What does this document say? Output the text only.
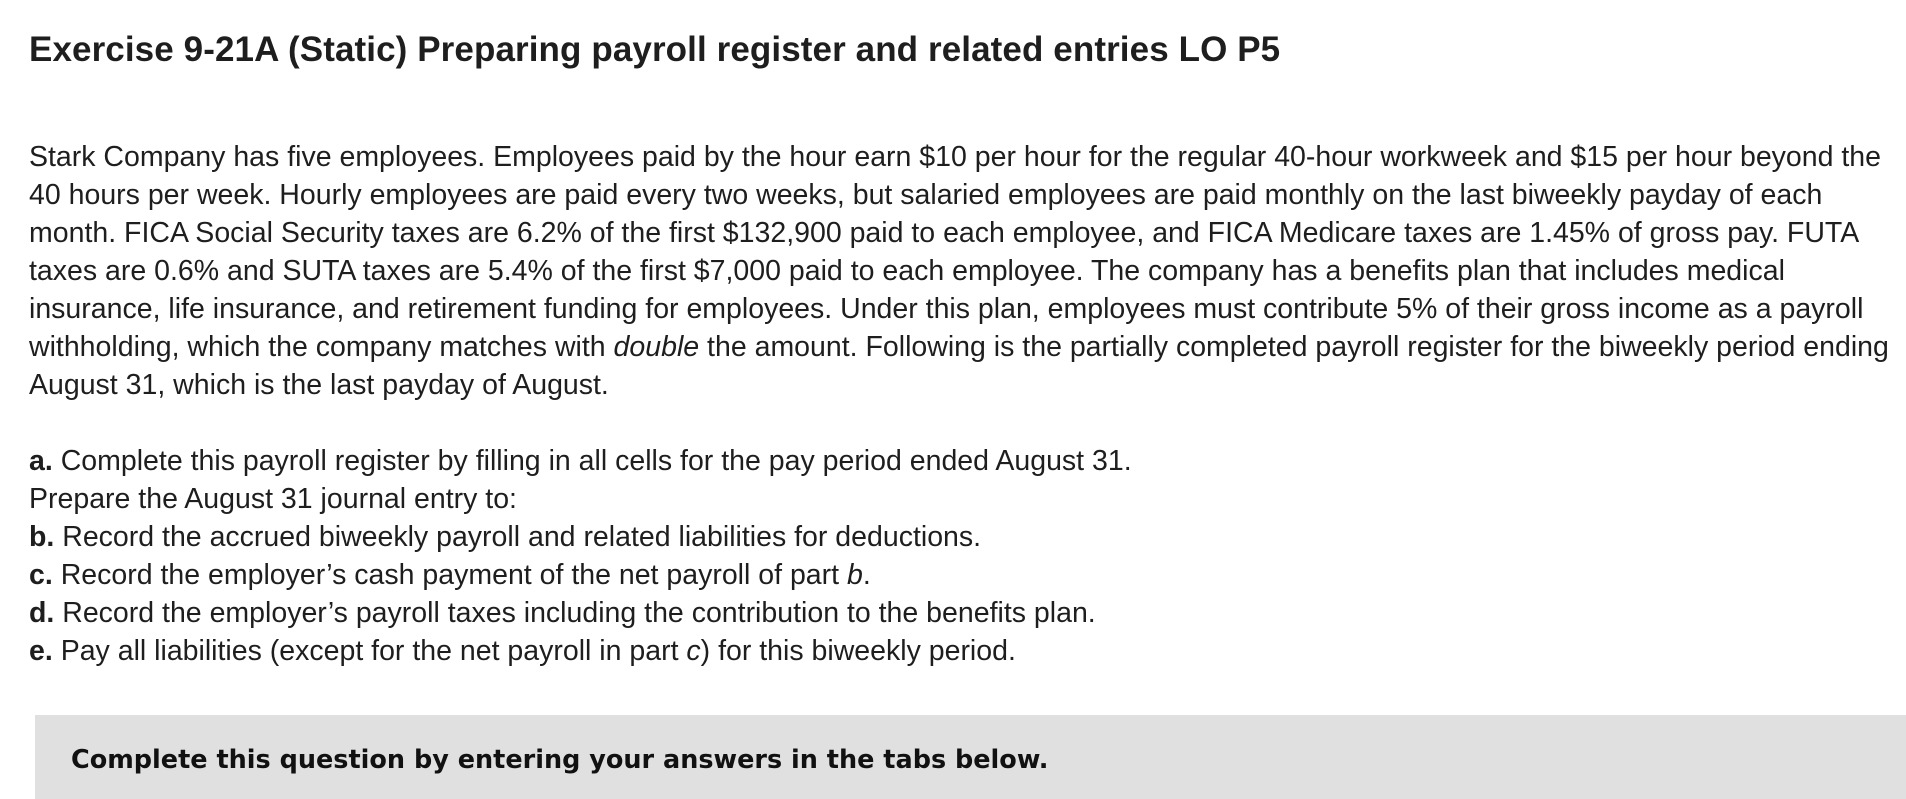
Exercise 9-21A (Static) Preparing payroll register and related entries LO P5

Stark Company has five employees. Employees paid by the hour earn $10 per hour for the regular 40-hour workweek and $15 per hour beyond the 40 hours per week. Hourly employees are paid every two weeks, but salaried employees are paid monthly on the last biweekly payday of each month. FICA Social Security taxes are 6.2% of the first $132,900 paid to each employee, and FICA Medicare taxes are 1.45% of gross pay. FUTA taxes are 0.6% and SUTA taxes are 5.4% of the first $7,000 paid to each employee. The company has a benefits plan that includes medical insurance, life insurance, and retirement funding for employees. Under this plan, employees must contribute 5% of their gross income as a payroll withholding, which the company matches with double the amount. Following is the partially completed payroll register for the biweekly period ending August 31, which is the last payday of August.

a. Complete this payroll register by filling in all cells for the pay period ended August 31.
Prepare the August 31 journal entry to:
b. Record the accrued biweekly payroll and related liabilities for deductions.
c. Record the employer’s cash payment of the net payroll of part b.
d. Record the employer’s payroll taxes including the contribution to the benefits plan.
e. Pay all liabilities (except for the net payroll in part c) for this biweekly period.
Complete this question by entering your answers in the tabs below.
